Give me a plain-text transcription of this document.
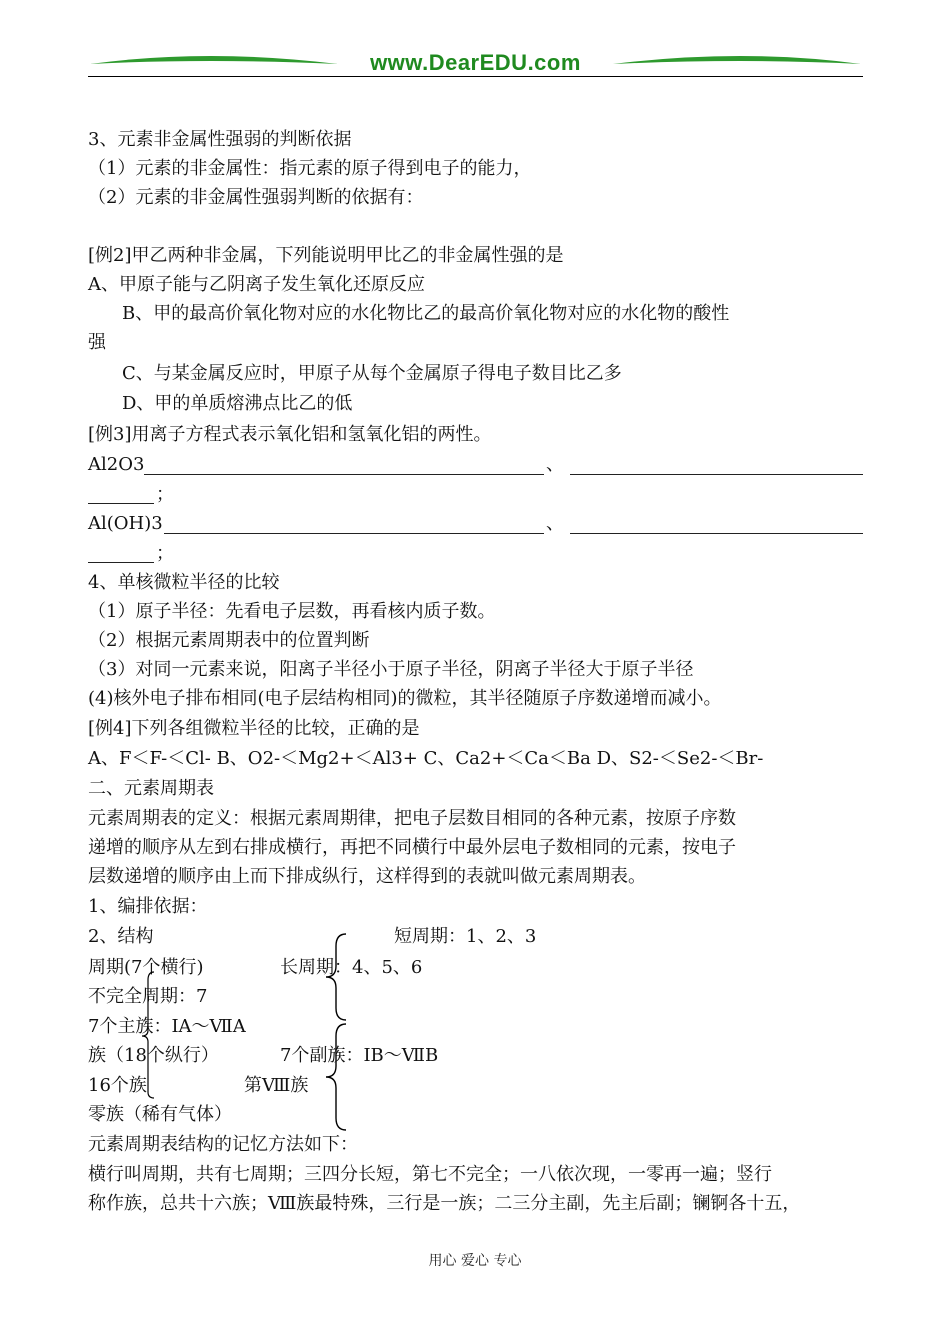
www.DearEDU.com
3、元素非金属性强弱的判断依据
（1）元素的非金属性：指元素的原子得到电子的能力，
（2）元素的非金属性强弱判断的依据有：
[例2]甲乙两种非金属，下列能说明甲比乙的非金属性强的是
A、甲原子能与乙阴离子发生氧化还原反应
B、甲的最高价氧化物对应的水化物比乙的最高价氧化物对应的水化物的酸性
强
C、与某金属反应时，甲原子从每个金属原子得电子数目比乙多
D、甲的单质熔沸点比乙的低
[例3]用离子方程式表示氧化铝和氢氧化铝的两性。
Al2O3	、
；
Al(OH)3	、
；
4、单核微粒半径的比较
（1）原子半径：先看电子层数，再看核内质子数。
（2）根据元素周期表中的位置判断
（3）对同一元素来说，阳离子半径小于原子半径，阴离子半径大于原子半径
(4)核外电子排布相同(电子层结构相同)的微粒，其半径随原子序数递增而减小。
[例4]下列各组微粒半径的比较，正确的是
A、F＜F-＜Cl- B、O2-＜Mg2+＜Al3+ C、Ca2+＜Ca＜Ba D、S2-＜Se2-＜Br-
二、元素周期表
元素周期表的定义：根据元素周期律，把电子层数目相同的各种元素，按原子序数
递增的顺序从左到右排成横行，再把不同横行中最外层电子数相同的元素，按电子
层数递增的顺序由上而下排成纵行，这样得到的表就叫做元素周期表。
1、编排依据：
2、结构	短周期：1、2、3
周期(7个横行)	长周期：4、5、6
不完全周期：7
7个主族：ⅠA～ⅦA
族（18个纵行）	7个副族：ⅠB～ⅦB
16个族	第Ⅷ族
零族（稀有气体）
元素周期表结构的记忆方法如下：
横行叫周期，共有七周期；三四分长短，第七不完全；一八依次现，一零再一遍；竖行
称作族，总共十六族；Ⅷ族最特殊，三行是一族；二三分主副，先主后副；镧锕各十五，
用心 爱心 专心
